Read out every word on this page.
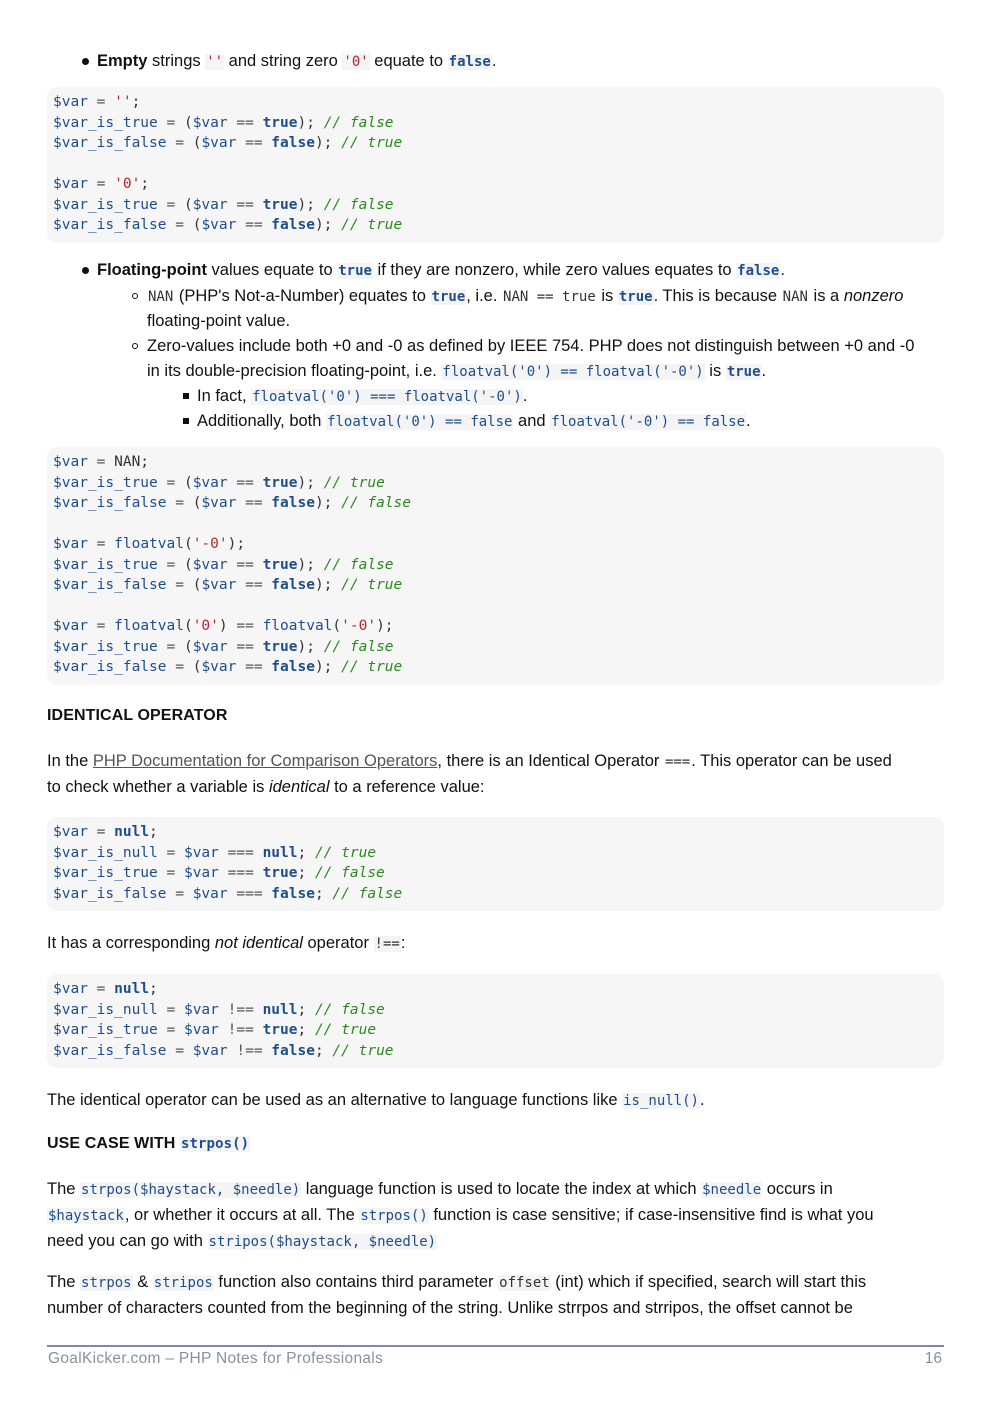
Empty strings '' and string zero '0' equate to false.
$var = '';
$var_is_true = ($var == true); // false
$var_is_false = ($var == false); // true
$var = '0';
$var_is_true = ($var == true); // false
$var_is_false = ($var == false); // true
Floating-point values equate to true if they are nonzero, while zero values equates to false.
NAN (PHP's Not-a-Number) equates to true, i.e. NAN == true is true. This is because NAN is a nonzero
floating-point value.
Zero-values include both +0 and -0 as defined by IEEE 754. PHP does not distinguish between +0 and -0
in its double-precision floating-point, i.e. floatval('0') == floatval('-0') is true.
In fact, floatval('0') === floatval('-0').
Additionally, both floatval('0') == false and floatval('-0') == false.
$var = NAN;
$var_is_true = ($var == true); // true
$var_is_false = ($var == false); // false
$var = floatval('-0');
$var_is_true = ($var == true); // false
$var_is_false = ($var == false); // true
$var = floatval('0') == floatval('-0');
$var_is_true = ($var == true); // false
$var_is_false = ($var == false); // true
IDENTICAL OPERATOR
In the PHP Documentation for Comparison Operators, there is an Identical Operator ===. This operator can be used
to check whether a variable is identical to a reference value:
$var = null;
$var_is_null = $var === null; // true
$var_is_true = $var === true; // false
$var_is_false = $var === false; // false
It has a corresponding not identical operator !==:
$var = null;
$var_is_null = $var !== null; // false
$var_is_true = $var !== true; // true
$var_is_false = $var !== false; // true
The identical operator can be used as an alternative to language functions like is_null().
USE CASE WITH strpos()
The strpos($haystack, $needle) language function is used to locate the index at which $needle occurs in
$haystack, or whether it occurs at all. The strpos() function is case sensitive; if case-insensitive find is what you
need you can go with stripos($haystack, $needle)
The strpos & stripos function also contains third parameter offset (int) which if specified, search will start this
number of characters counted from the beginning of the string. Unlike strrpos and strripos, the offset cannot be
GoalKicker.com – PHP Notes for Professionals	16
